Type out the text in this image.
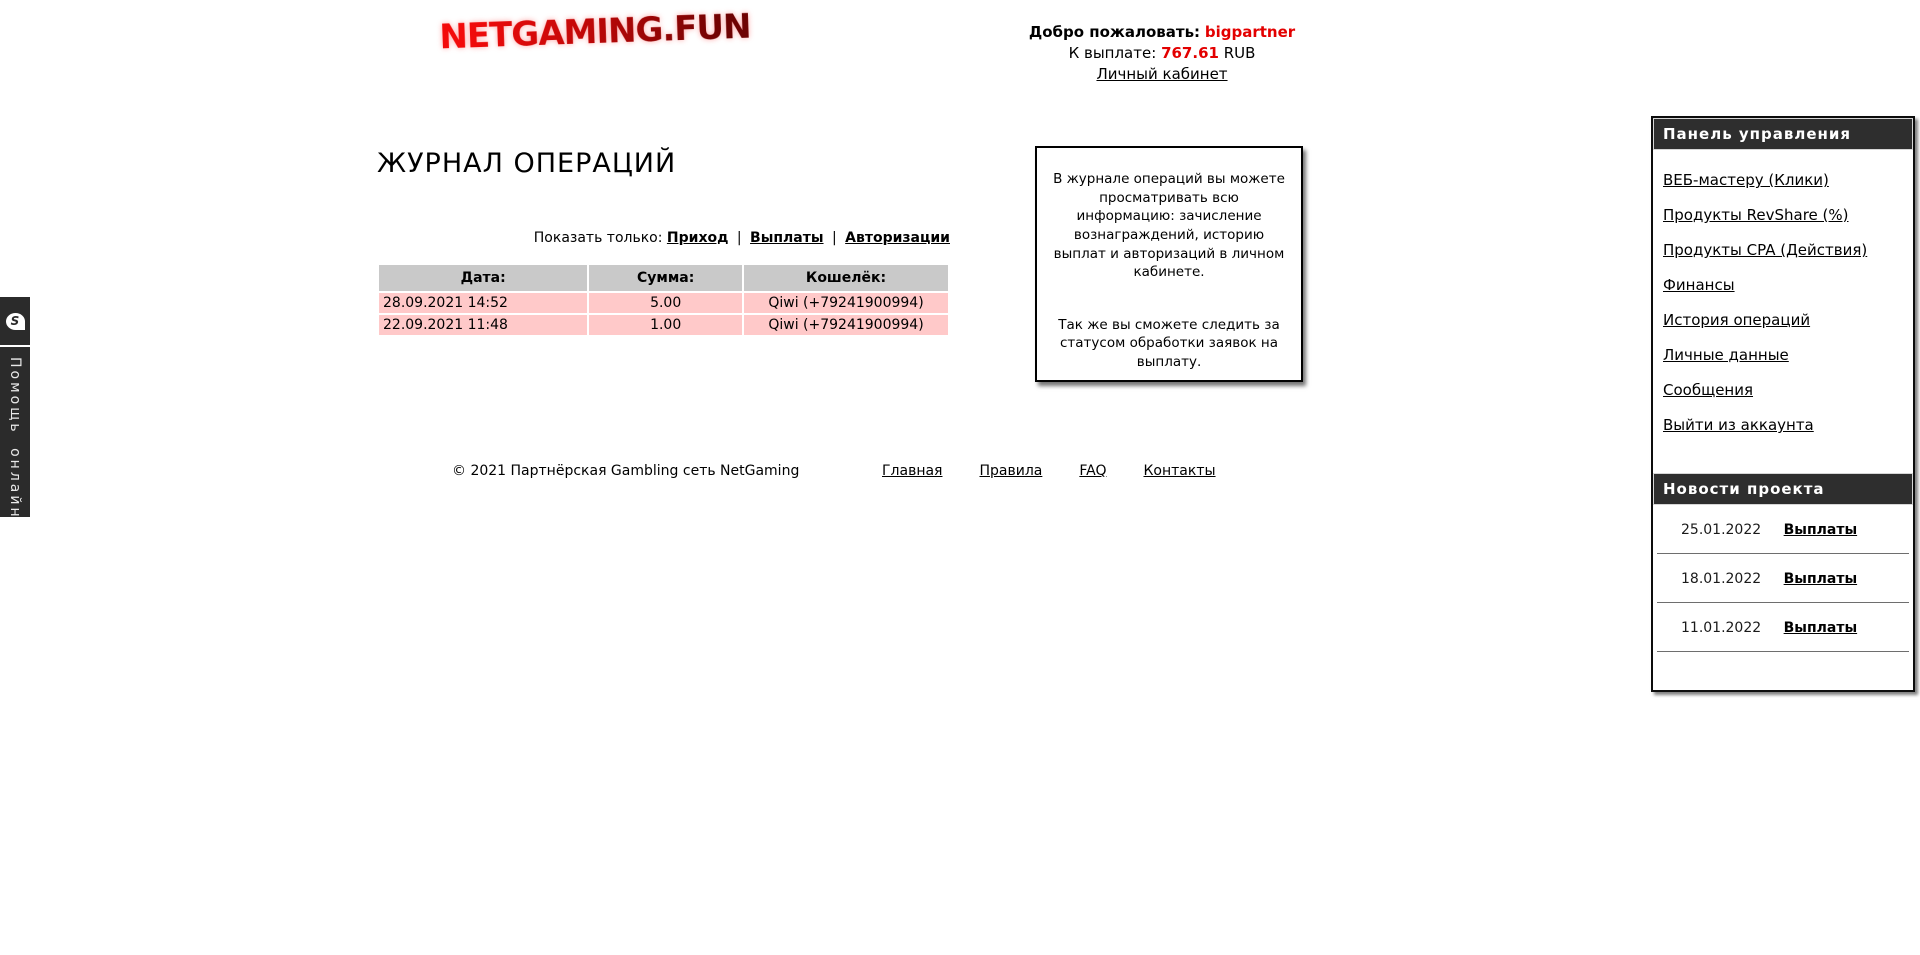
S
Помощь онлайн
NETGAMING.FUN	Добро пожаловать: bigpartner
К выплате: 767.61 RUB
Личный кабинет
ЖУРНАЛ ОПЕРАЦИЙ
Показать только: Приход | Выплаты | Авторизации
Дата:	Сумма:	Кошелёк:
28.09.2021 14:52	5.00	Qiwi (+79241900994)
22.09.2021 11:48	1.00	Qiwi (+79241900994)

В журнале операций вы можете просматривать всю информацию: зачисление вознаграждений, историю выплат и авторизаций в личном кабинете.

Так же вы сможете следить за статусом обработки заявок на выплату.

© 2021 Партнёрская Gambling сеть NetGaming	Главная	Правила	FAQ	Контакты
Панель управления
ВЕБ-мастеру (Клики)
Продукты RevShare (%)
Продукты CPA (Действия)
Финансы
История операций
Личные данные
Сообщения
Выйти из аккаунта
Новости проекта
25.01.2022 Выплаты
18.01.2022 Выплаты
11.01.2022 Выплаты
